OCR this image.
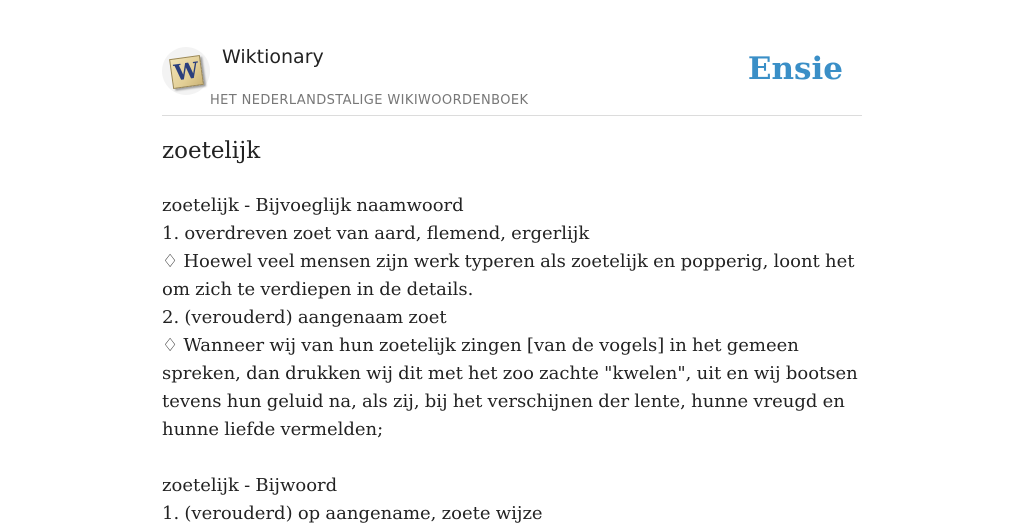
W
Wiktionary
HET NEDERLANDSTALIGE WIKIWOORDENBOEK
Ensie
zoetelijk

zoetelijk - Bijvoeglijk naamwoord

1. overdreven zoet van aard, flemend, ergerlijk

♢ Hoewel veel mensen zijn werk typeren als zoetelijk en popperig, loont het om zich te verdiepen in de details.

2. (verouderd) aangenaam zoet

♢ Wanneer wij van hun zoetelijk zingen [van de vogels] in het gemeen spreken, dan drukken wij dit met het zoo zachte "kwelen", uit en wij bootsen tevens hun geluid na, als zij, bij het verschijnen der lente, hunne vreugd en hunne liefde vermelden;

zoetelijk - Bijwoord

1. (verouderd) op aangename, zoete wijze
